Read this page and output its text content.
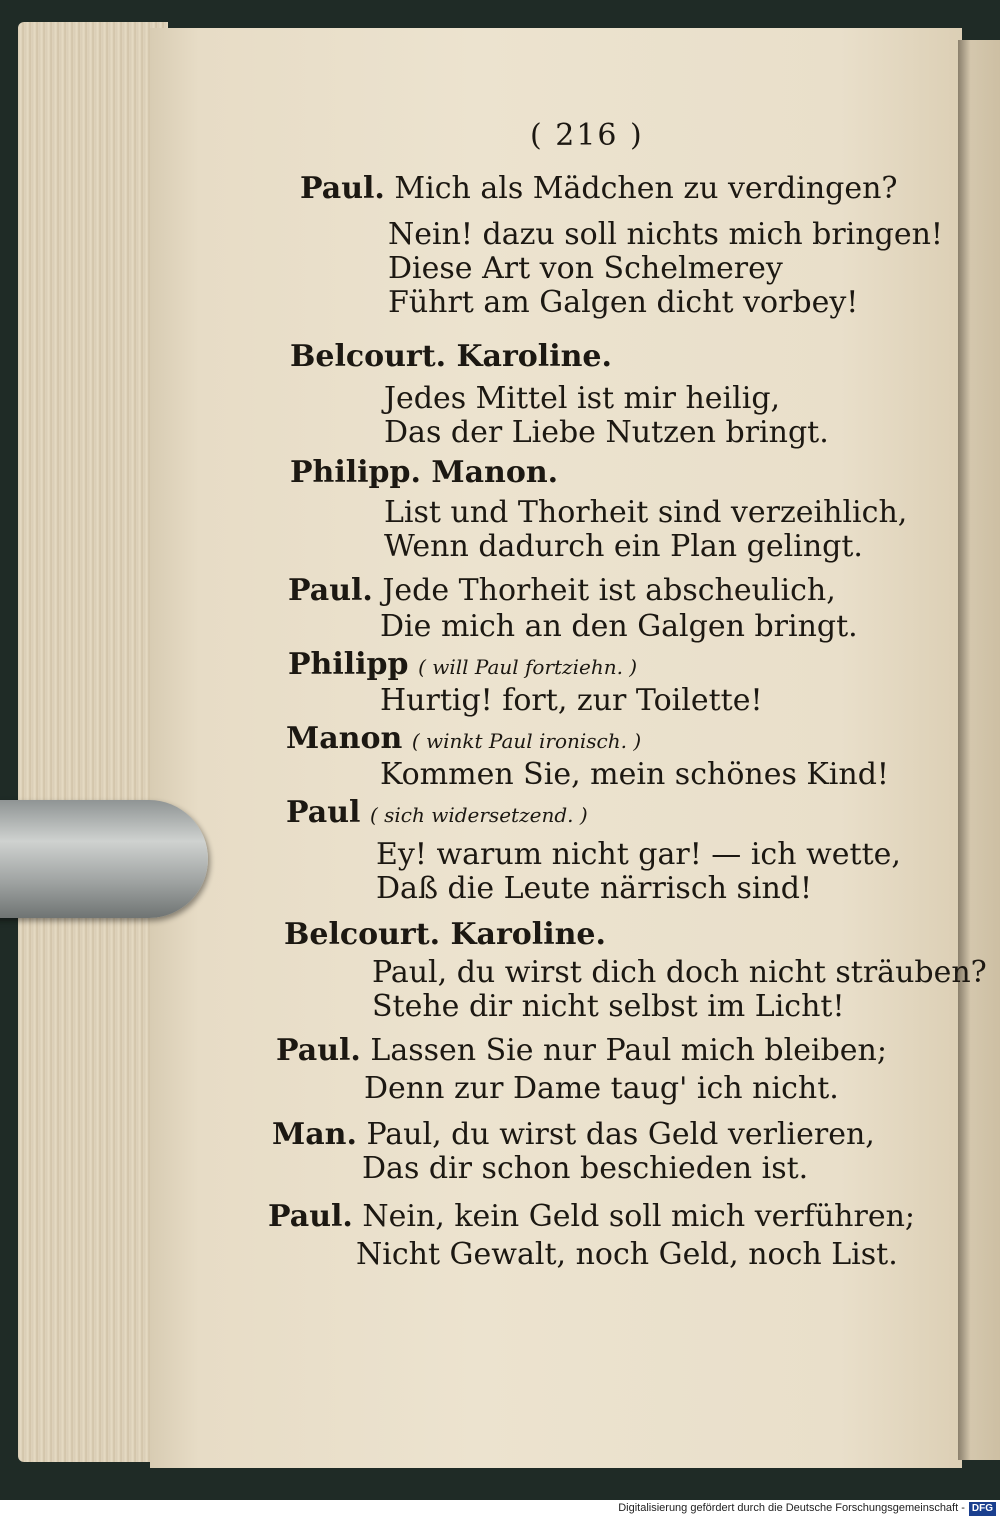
( 216 )
Paul. Mich als Mädchen zu verdingen?
Nein! dazu soll nichts mich bringen!
Diese Art von Schelmerey
Führt am Galgen dicht vorbey!
Belcourt. Karoline.
Jedes Mittel ist mir heilig,
Das der Liebe Nutzen bringt.
Philipp. Manon.
List und Thorheit sind verzeihlich,
Wenn dadurch ein Plan gelingt.
Paul. Jede Thorheit ist abscheulich,
Die mich an den Galgen bringt.
Philipp ( will Paul fortziehn. )
Hurtig! fort, zur Toilette!
Manon ( winkt Paul ironisch. )
Kommen Sie, mein schönes Kind!
Paul ( sich widersetzend. )
Ey! warum nicht gar! — ich wette,
Daß die Leute närrisch sind!
Belcourt. Karoline.
Paul, du wirst dich doch nicht sträuben?
Stehe dir nicht selbst im Licht!
Paul. Lassen Sie nur Paul mich bleiben;
Denn zur Dame taug' ich nicht.
Man. Paul, du wirst das Geld verlieren,
Das dir schon beschieden ist.
Paul. Nein, kein Geld soll mich verführen;
Nicht Gewalt, noch Geld, noch List.
Digitalisierung gefördert durch die Deutsche Forschungsgemeinschaft - DFG
